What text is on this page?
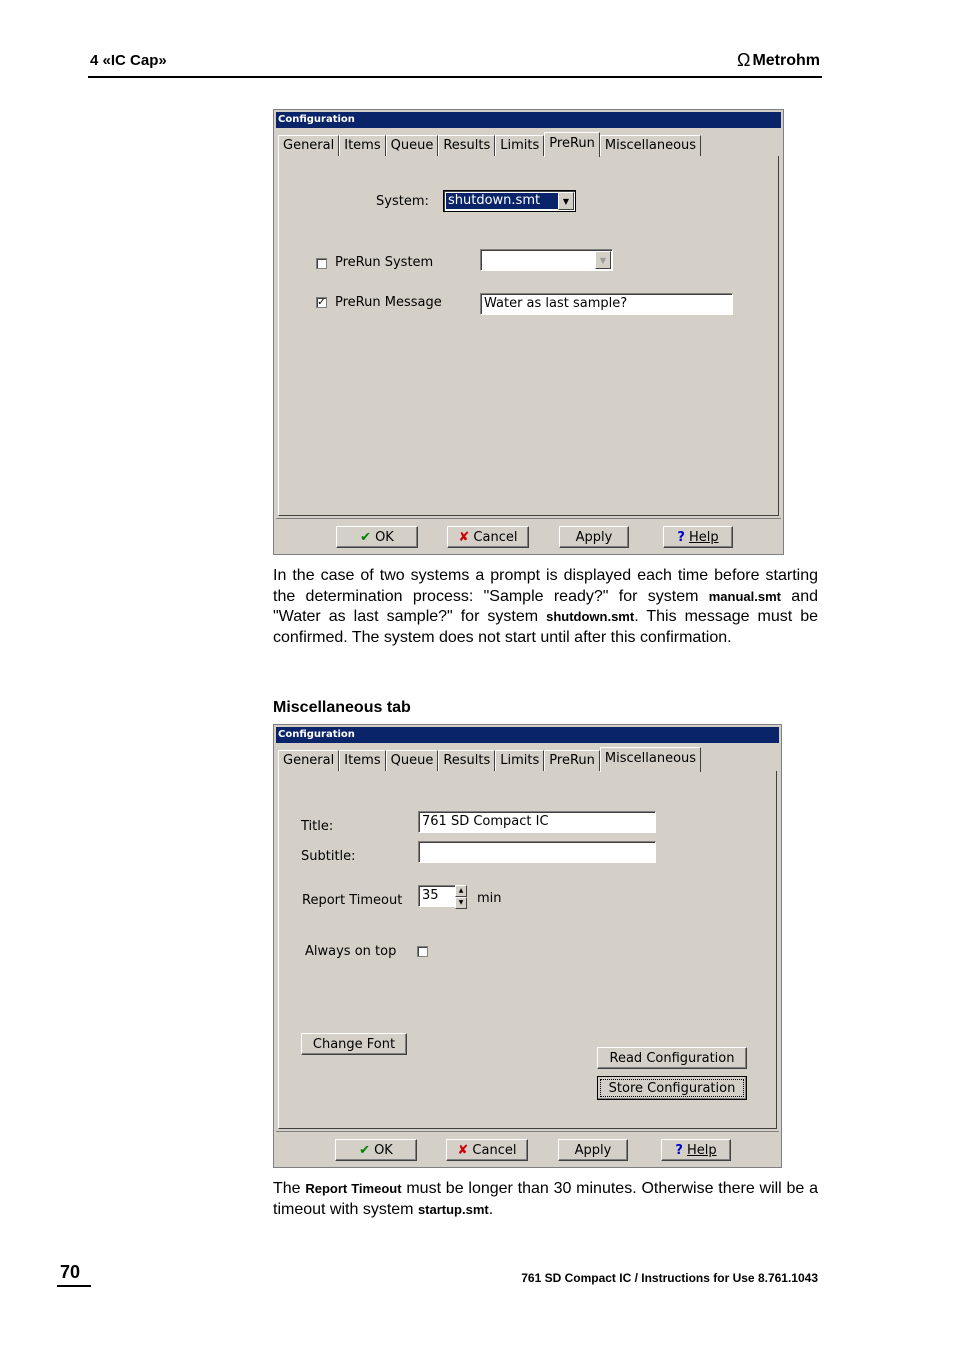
4 «IC Cap»	Ω Metrohm
Configuration
General Items Queue Results Limits PreRun Miscellaneous
System: shutdown.smt	▼
PreRun System	▼
✓ PreRun Message	Water as last sample?
✔ OK	✘ Cancel	Apply	? Help
In the case of two systems a prompt is displayed each time before starting the determination process: "Sample ready?" for system manual.smt and "Water as last sample?" for system shutdown.smt. This message must be confirmed. The system does not start until after this confirmation.
Miscellaneous tab
Configuration
General Items Queue Results Limits PreRun Miscellaneous
Title:	761 SD Compact IC
Subtitle:
Report Timeout	35	▲
▼ min
Always on top
Change Font
Read Configuration
Store Configuration
✔ OK	✘ Cancel	Apply	? Help
The Report Timeout must be longer than 30 minutes. Otherwise there will be a timeout with system startup.smt.
70	761 SD Compact IC / Instructions for Use 8.761.1043
